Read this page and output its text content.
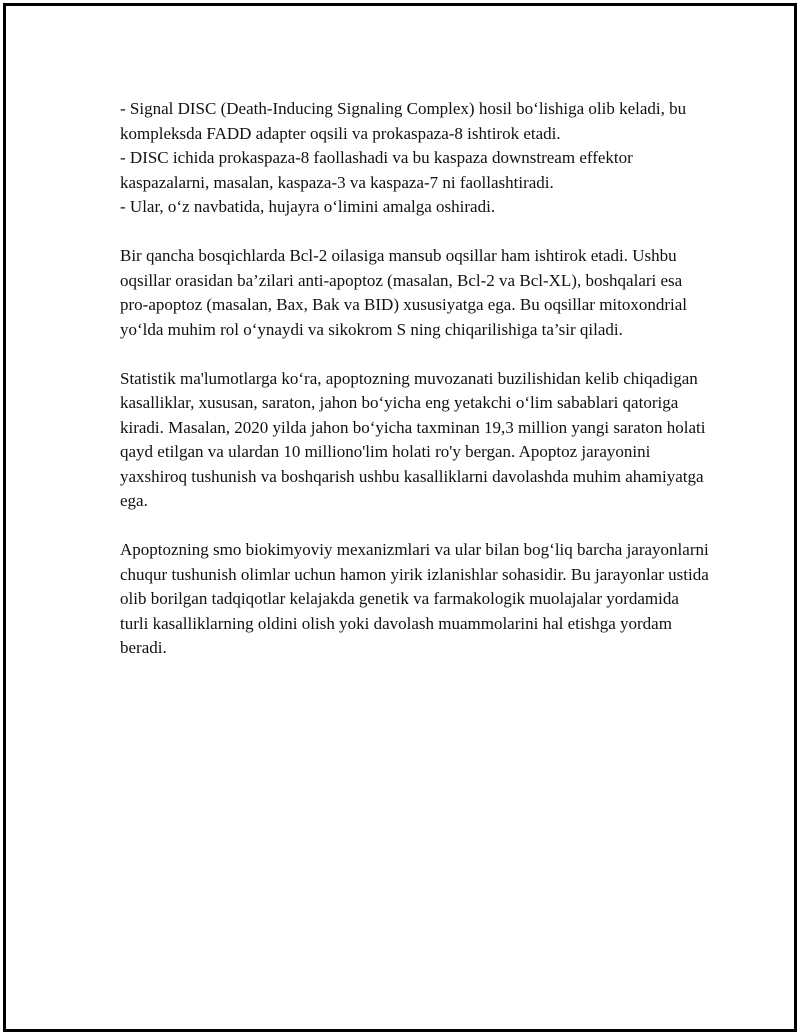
- Signal DISC (Death-Inducing Signaling Complex) hosil bo‘lishiga olib keladi, bu kompleksda FADD adapter oqsili va prokaspaza-8 ishtirok etadi.

- DISC ichida prokaspaza-8 faollashadi va bu kaspaza downstream effektor kaspazalarni, masalan, kaspaza-3 va kaspaza-7 ni faollashtiradi.

- Ular, o‘z navbatida, hujayra o‘limini amalga oshiradi.

Bir qancha bosqichlarda Bcl-2 oilasiga mansub oqsillar ham ishtirok etadi. Ushbu oqsillar orasidan ba’zilari anti-apoptoz (masalan, Bcl-2 va Bcl-XL), boshqalari esa pro-apoptoz (masalan, Bax, Bak va BID) xususiyatga ega. Bu oqsillar mitoxondrial yo‘lda muhim rol o‘ynaydi va sikokrom S ning chiqarilishiga ta’sir qiladi.

Statistik ma'lumotlarga ko‘ra, apoptozning muvozanati buzilishidan kelib chiqadigan kasalliklar, xususan, saraton, jahon bo‘yicha eng yetakchi o‘lim sabablari qatoriga kiradi. Masalan, 2020 yilda jahon bo‘yicha taxminan 19,3 million yangi saraton holati qayd etilgan va ulardan 10 milliono'lim holati ro'y bergan. Apoptoz jarayonini yaxshiroq tushunish va boshqarish ushbu kasalliklarni davolashda muhim ahamiyatga ega.

Apoptozning smo biokimyoviy mexanizmlari va ular bilan bog‘liq barcha jarayonlarni chuqur tushunish olimlar uchun hamon yirik izlanishlar sohasidir. Bu jarayonlar ustida olib borilgan tadqiqotlar kelajakda genetik va farmakologik muolajalar yordamida turli kasalliklarning oldini olish yoki davolash muammolarini hal etishga yordam beradi.
